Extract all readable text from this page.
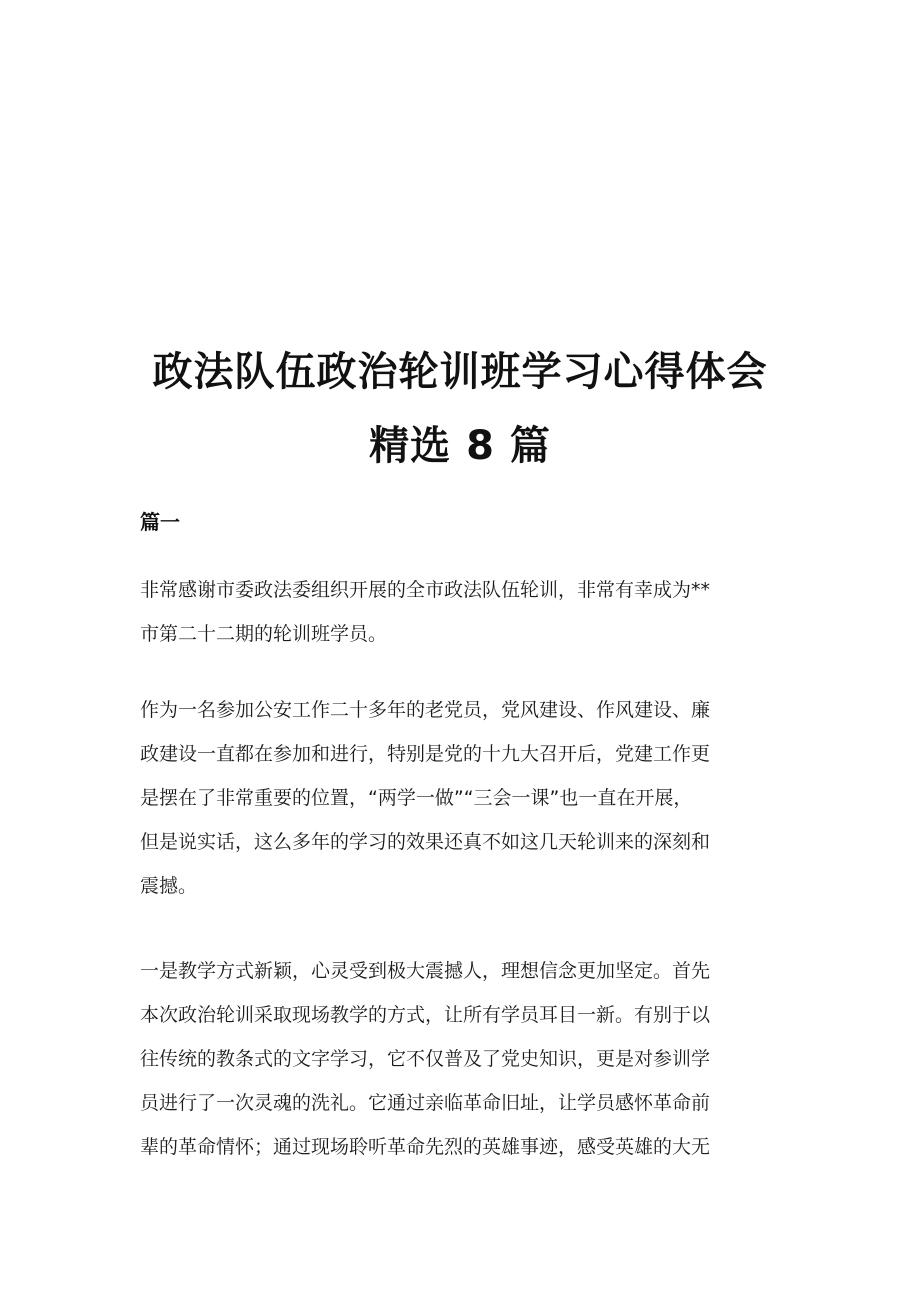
政法队伍政治轮训班学习心得体会
精选 8 篇
篇一

非常感谢市委政法委组织开展的全市政法队伍轮训，非常有幸成为**
市第二十二期的轮训班学员。

作为一名参加公安工作二十多年的老党员，党风建设、作风建设、廉
政建设一直都在参加和进行，特别是党的十九大召开后，党建工作更
是摆在了非常重要的位置，“两学一做”“三会一课”也一直在开展，
但是说实话，这么多年的学习的效果还真不如这几天轮训来的深刻和
震撼。

一是教学方式新颖，心灵受到极大震撼人，理想信念更加坚定。首先
本次政治轮训采取现场教学的方式，让所有学员耳目一新。有别于以
往传统的教条式的文字学习，它不仅普及了党史知识，更是对参训学
员进行了一次灵魂的洗礼。它通过亲临革命旧址，让学员感怀革命前
辈的革命情怀；通过现场聆听革命先烈的英雄事迹，感受英雄的大无
